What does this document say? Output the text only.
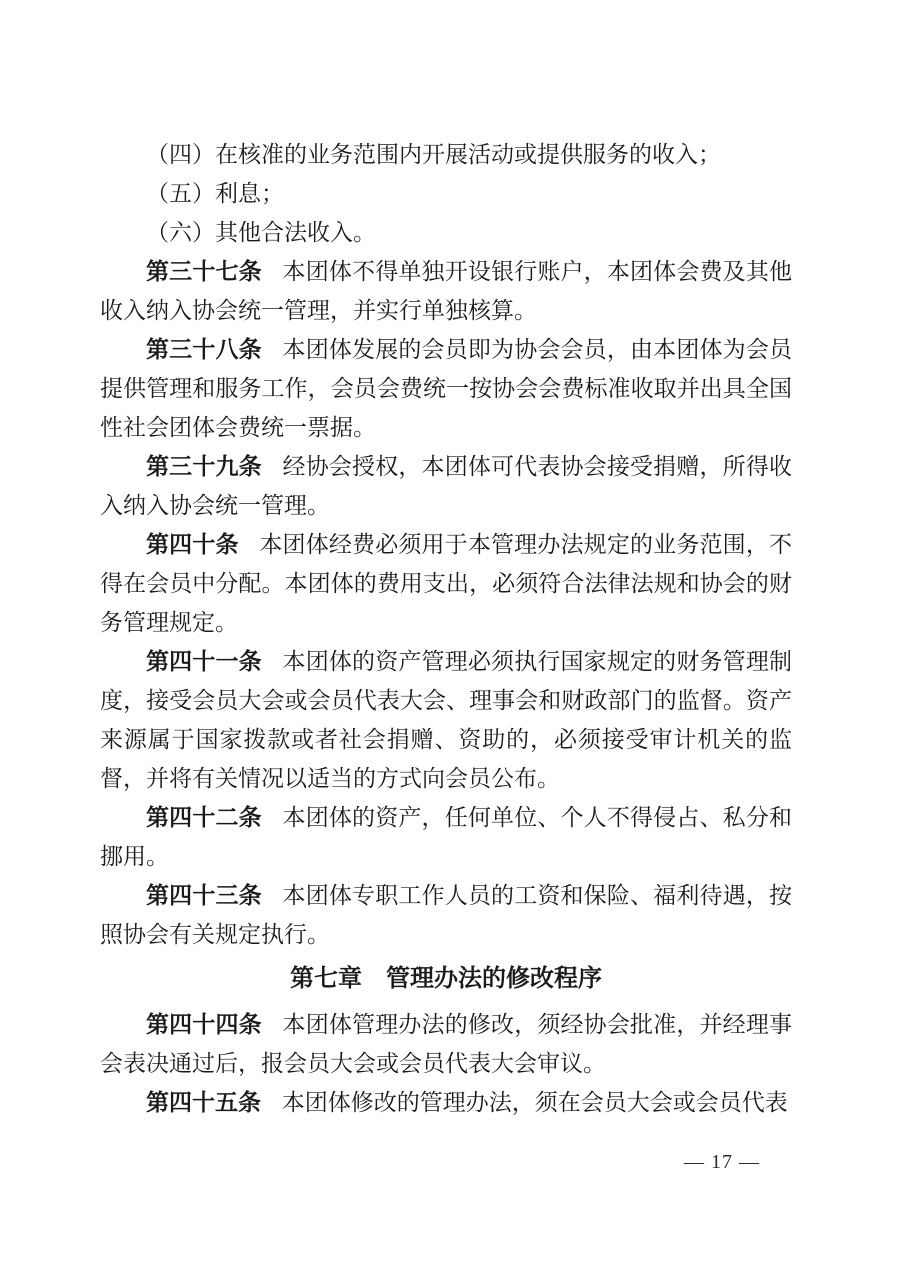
（四）在核准的业务范围内开展活动或提供服务的收入；

（五）利息；

（六）其他合法收入。

第三十七条 本团体不得单独开设银行账户，本团体会费及其他收入纳入协会统一管理，并实行单独核算。

第三十八条 本团体发展的会员即为协会会员，由本团体为会员提供管理和服务工作，会员会费统一按协会会费标准收取并出具全国性社会团体会费统一票据。

第三十九条 经协会授权，本团体可代表协会接受捐赠，所得收入纳入协会统一管理。

第四十条 本团体经费必须用于本管理办法规定的业务范围，不得在会员中分配。本团体的费用支出，必须符合法律法规和协会的财务管理规定。

第四十一条 本团体的资产管理必须执行国家规定的财务管理制度，接受会员大会或会员代表大会、理事会和财政部门的监督。资产来源属于国家拨款或者社会捐赠、资助的，必须接受审计机关的监督，并将有关情况以适当的方式向会员公布。

第四十二条 本团体的资产，任何单位、个人不得侵占、私分和挪用。

第四十三条 本团体专职工作人员的工资和保险、福利待遇，按照协会有关规定执行。

第七章　管理办法的修改程序

第四十四条 本团体管理办法的修改，须经协会批准，并经理事会表决通过后，报会员大会或会员代表大会审议。

第四十五条 本团体修改的管理办法，须在会员大会或会员代表

— 17 —
